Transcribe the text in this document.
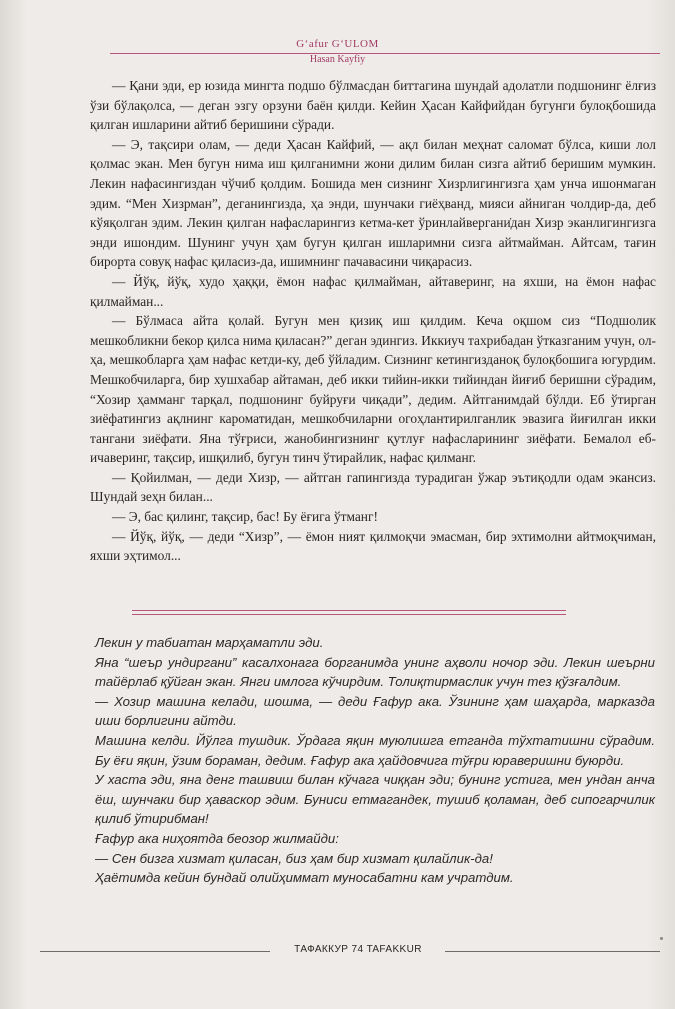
G‘afur G‘ULOM
Hasan Kayfiy

— Қани эди, ер юзида мингта подшо бўлмасдан биттагина шундай адолатли подшонинг ёлғиз ўзи бўлақолса, — деган эзгу орзуни баён қилди. Кейин Ҳасан Кайфийдан бугунги булоқбошида қилган ишларини айтиб беришини сўради.

— Э, тақсири олам, — деди Ҳасан Кайфий, — ақл билан меҳнат саломат бўлса, киши лол қолмас экан. Мен бугун нима иш қилганимни жони дилим билан сизга айтиб беришим мумкин. Лекин нафасингиздан чўчиб қолдим. Бошида мен сизнинг Хизрлигингизга ҳам унча ишонмаган эдим. “Мен Хизрман”, деганингизда, ҳа энди, шунчаки гиёҳванд, мияси айниган чолдир-да, деб кўяқолган эдим. Лекин қилган нафасларингиз кетма-кет ўринлайвергани̇дан Хизр эканлигингизга энди ишондим. Шунинг учун ҳам бугун қилган ишларимни сизга айтмайман. Айтсам, тағин бирорта совуқ нафас қиласиз-да, ишимнинг пачавасини чиқарасиз.

— Йўқ, йўқ, худо ҳаққи, ёмон нафас қилмайман, айтаверинг, на яхши, на ёмон нафас қилмайман...

— Бўлмаса айта қолай. Бугун мен қизиқ иш қилдим. Кеча оқшом сиз “Подшолик мешкобликни бекор қилса нима қиласан?” деган эдингиз. Иккиуч тахрибадан ўтказганим учун, ол-ҳа, мешкобларга ҳам нафас кетди-ку, деб ўйладим. Сизнинг кетингизданоқ булоқбошига югурдим. Мешкобчиларга, бир хушхабар айтаман, деб икки тийин-икки тийиндан йиғиб беришни сўрадим, “Хозир ҳамманг тарқал, подшонинг буйруғи чиқади”, дедим. Айтганимдай бўлди. Еб ўтирган зиёфатингиз ақлнинг кароматидан, мешкобчиларни огоҳлантирилганлик эвазига йиғилган икки тангани зиёфати. Яна тўғриси, жанобингизнинг қутлуғ нафасларининг зиёфати. Бемалол еб-ичаверинг, тақсир, ишқилиб, бугун тинч ўтирайлик, нафас қилманг.

— Қойилман, — деди Хизр, — айтган гапингизда турадиган ўжар эътиқодли одам экансиз. Шундай зеҳн билан...

— Э, бас қилинг, тақсир, бас! Бу ёғига ўтманг!

— Йўқ, йўқ, — деди “Хизр”, — ёмон ният қилмоқчи эмасман, бир эхтимолни айтмоқчиман, яхши эҳтимол...

Лекин у табиатан марҳаматли эди.

Яна “шеър ундиргани” касалхонага борганимда унинг аҳволи ночор эди. Лекин шеърни тайёрлаб қўйган экан. Янги имлога кўчирдим. Толиқтирмаслик учун тез қўзғалдим.

— Хозир машина келади, шошма, — деди Ғафур ака. Ўзининг ҳам шаҳарда, марказда иши борлигини айтди.

Машина келди. Йўлга тушдик. Ўрдага яқин муюлишга етганда тўхтатишни сўрадим. Бу ёғи яқин, ўзим бораман, дедим. Ғафур ака ҳайдовчига тўғри юраверишни буюрди.

У хаста эди, яна денг ташвиш билан кўчага чиққан эди; бунинг устига, мен ундан анча ёш, шунчаки бир ҳаваскор эдим. Буниси етмагандек, тушиб қоламан, деб сипогарчилик қилиб ўтирибман!

Ғафур ака ниҳоятда беозор жилмайди:

— Сен бизга хизмат қиласан, биз ҳам бир хизмат қилайлик-да!

Ҳаётимда кейин бундай олийҳиммат муносабатни кам учратдим.

ТАФАККУР 74 TAFAKKUR
